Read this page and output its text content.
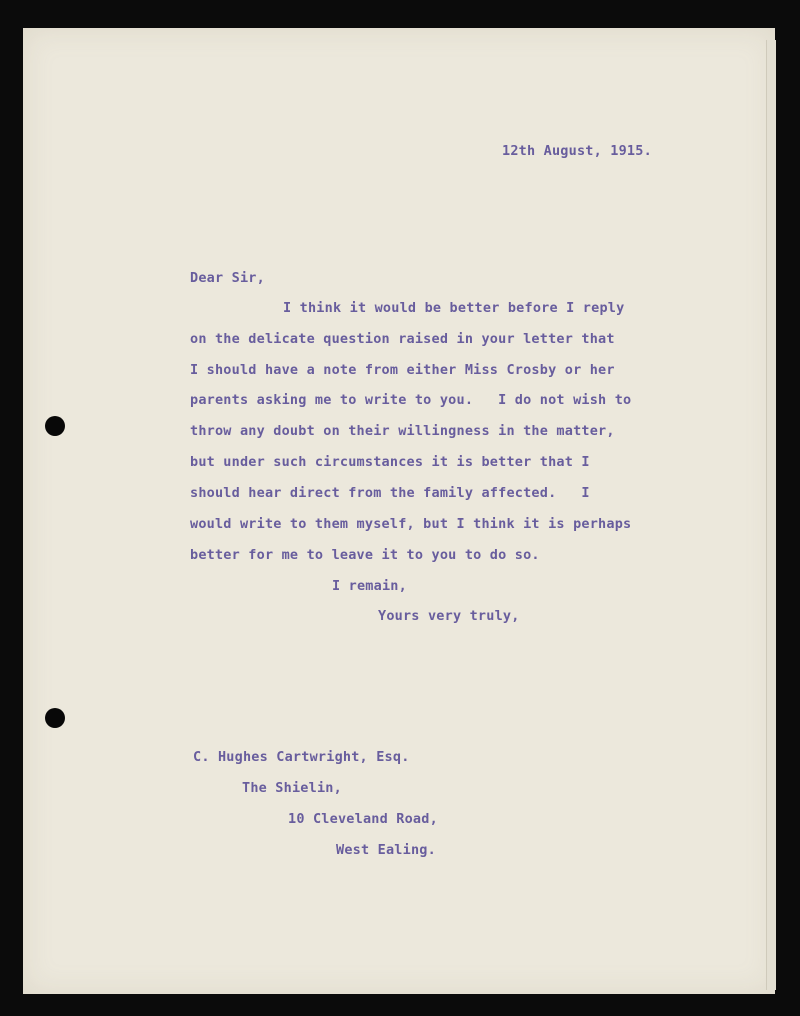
12th August, 1915.
Dear Sir,
I think it would be better before I reply
on the delicate question raised in your letter that
I should have a note from either Miss Crosby or her
parents asking me to write to you.   I do not wish to
throw any doubt on their willingness in the matter,
but under such circumstances it is better that I
should hear direct from the family affected.   I
would write to them myself, but I think it is perhaps
better for me to leave it to you to do so.
I remain,
Yours very truly,
C. Hughes Cartwright, Esq.
The Shielin,
10 Cleveland Road,
West Ealing.
